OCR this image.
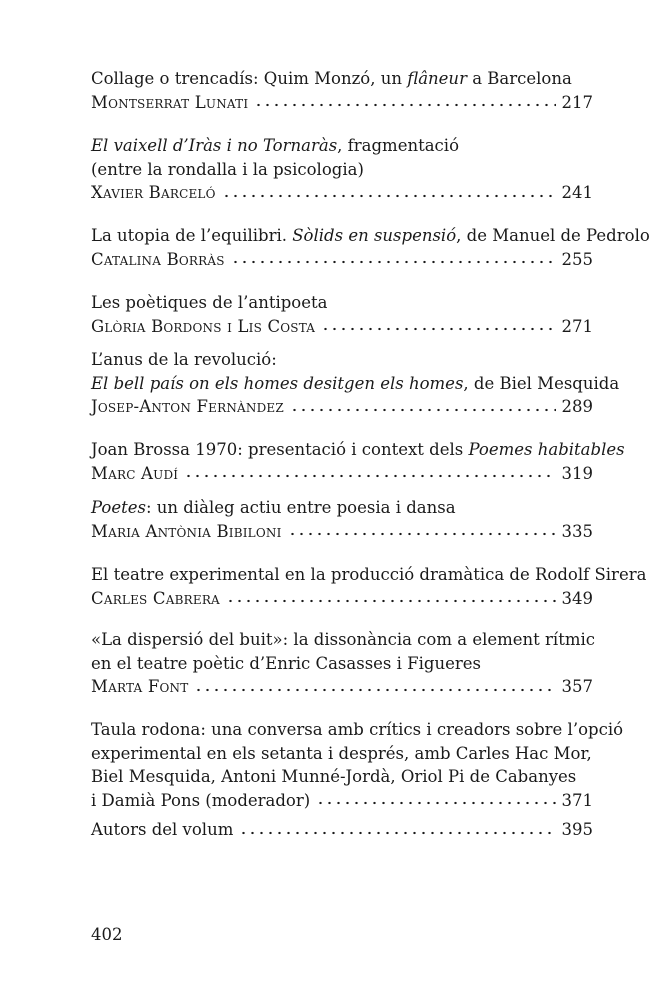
Collage o trencadís: Quim Monzó, un flâneur a Barcelona
Montserrat Lunati	217
El vaixell d’Iràs i no Tornaràs, fragmentació
(entre la rondalla i la psicologia)
Xavier Barceló	241
La utopia de l’equilibri. Sòlids en suspensió, de Manuel de Pedrolo
Catalina Borràs	255
Les poètiques de l’antipoeta
Glòria Bordons i Lis Costa	271
L’anus de la revolució:
El bell país on els homes desitgen els homes, de Biel Mesquida
Josep-Anton Fernàndez	289
Joan Brossa 1970: presentació i context dels Poemes habitables
Marc Audí	319
Poetes: un diàleg actiu entre poesia i dansa
Maria Antònia Bibiloni	335
El teatre experimental en la producció dramàtica de Rodolf Sirera
Carles Cabrera	349
«La dispersió del buit»: la dissonància com a element rítmic
en el teatre poètic d’Enric Casasses i Figueres
Marta Font	357
Taula rodona: una conversa amb crítics i creadors sobre l’opció
experimental en els setanta i després, amb Carles Hac Mor,
Biel Mesquida, Antoni Munné-Jordà, Oriol Pi de Cabanyes
i Damià Pons (moderador)	371
Autors del volum	395
402
